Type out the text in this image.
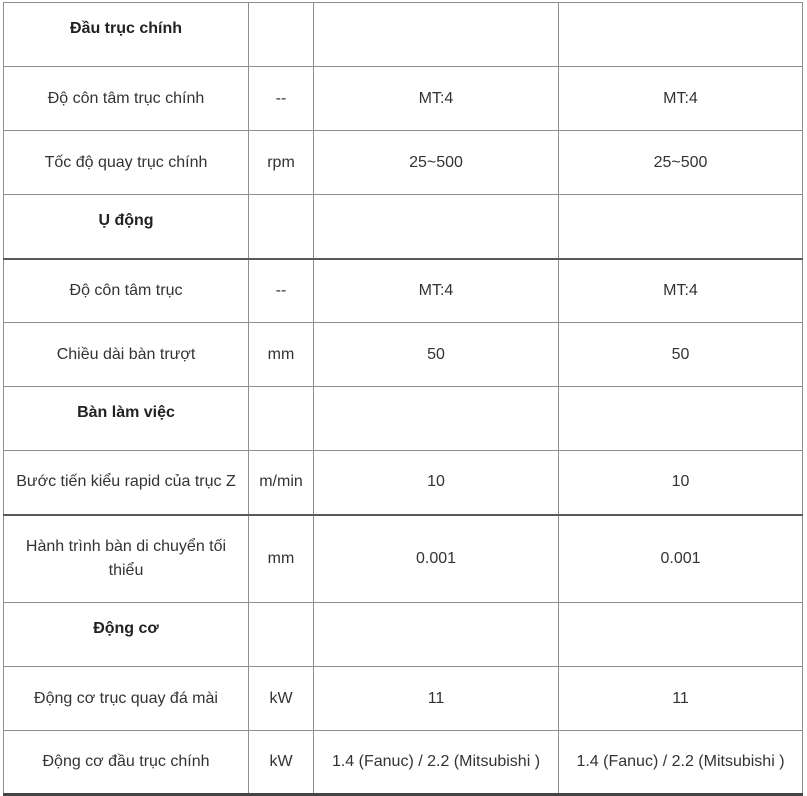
Đầu trục chính			
Độ côn tâm trục chính	--	MT:4	MT:4
Tốc độ quay trục chính	rpm	25~500	25~500
Ụ động			
Độ côn tâm trục	--	MT:4	MT:4
Chiều dài bàn trượt	mm	50	50
Bàn làm việc			
Bước tiến kiểu rapid của trục Z	m/min	10	10
Hành trình bàn di chuyển tối thiểu	mm	0.001	0.001
Động cơ			
Động cơ trục quay đá mài	kW	11	11
Động cơ đầu trục chính	kW	1.4 (Fanuc) / 2.2 (Mitsubishi )	1.4 (Fanuc) / 2.2 (Mitsubishi )
